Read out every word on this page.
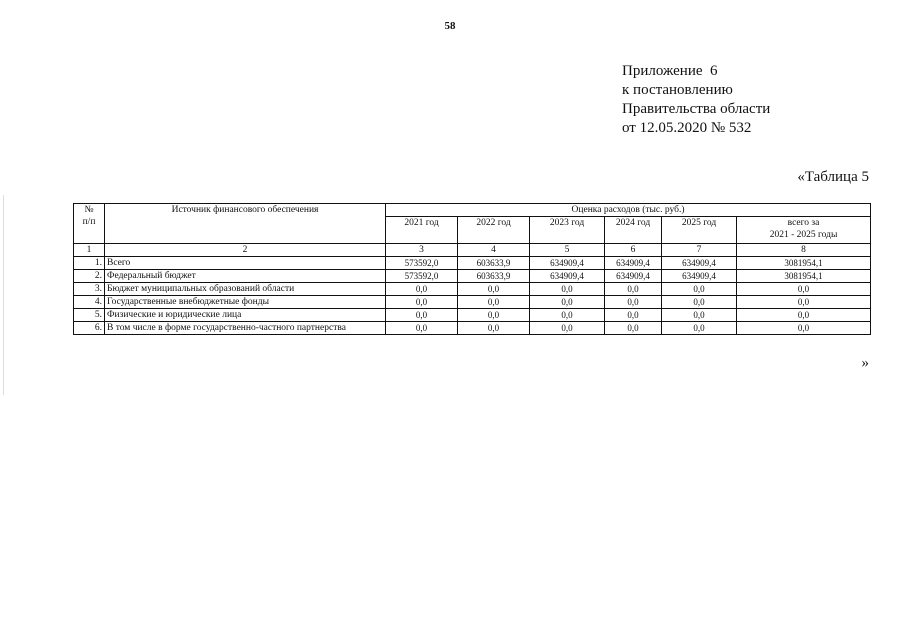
58
Приложение  6
к постановлению
Правительства области
от 12.05.2020 № 532
«Таблица 5
№
п/п	Источник финансового обеспечения	Оценка расходов (тыс. руб.)					
		2021 год	2022 год	2023 год	2024 год	2025 год	всего за
2021 - 2025 годы
1	2	3	4	5	6	7	8
1.	Всего	573592,0	603633,9	634909,4	634909,4	634909,4	3081954,1
2.	Федеральный бюджет	573592,0	603633,9	634909,4	634909,4	634909,4	3081954,1
3.	Бюджет муниципальных образований области	0,0	0,0	0,0	0,0	0,0	0,0
4.	Государственные внебюджетные фонды	0,0	0,0	0,0	0,0	0,0	0,0
5.	Физические и юридические лица	0,0	0,0	0,0	0,0	0,0	0,0
6.	В том числе в форме государственно-частного партнерства	0,0	0,0	0,0	0,0	0,0	0,0
»
